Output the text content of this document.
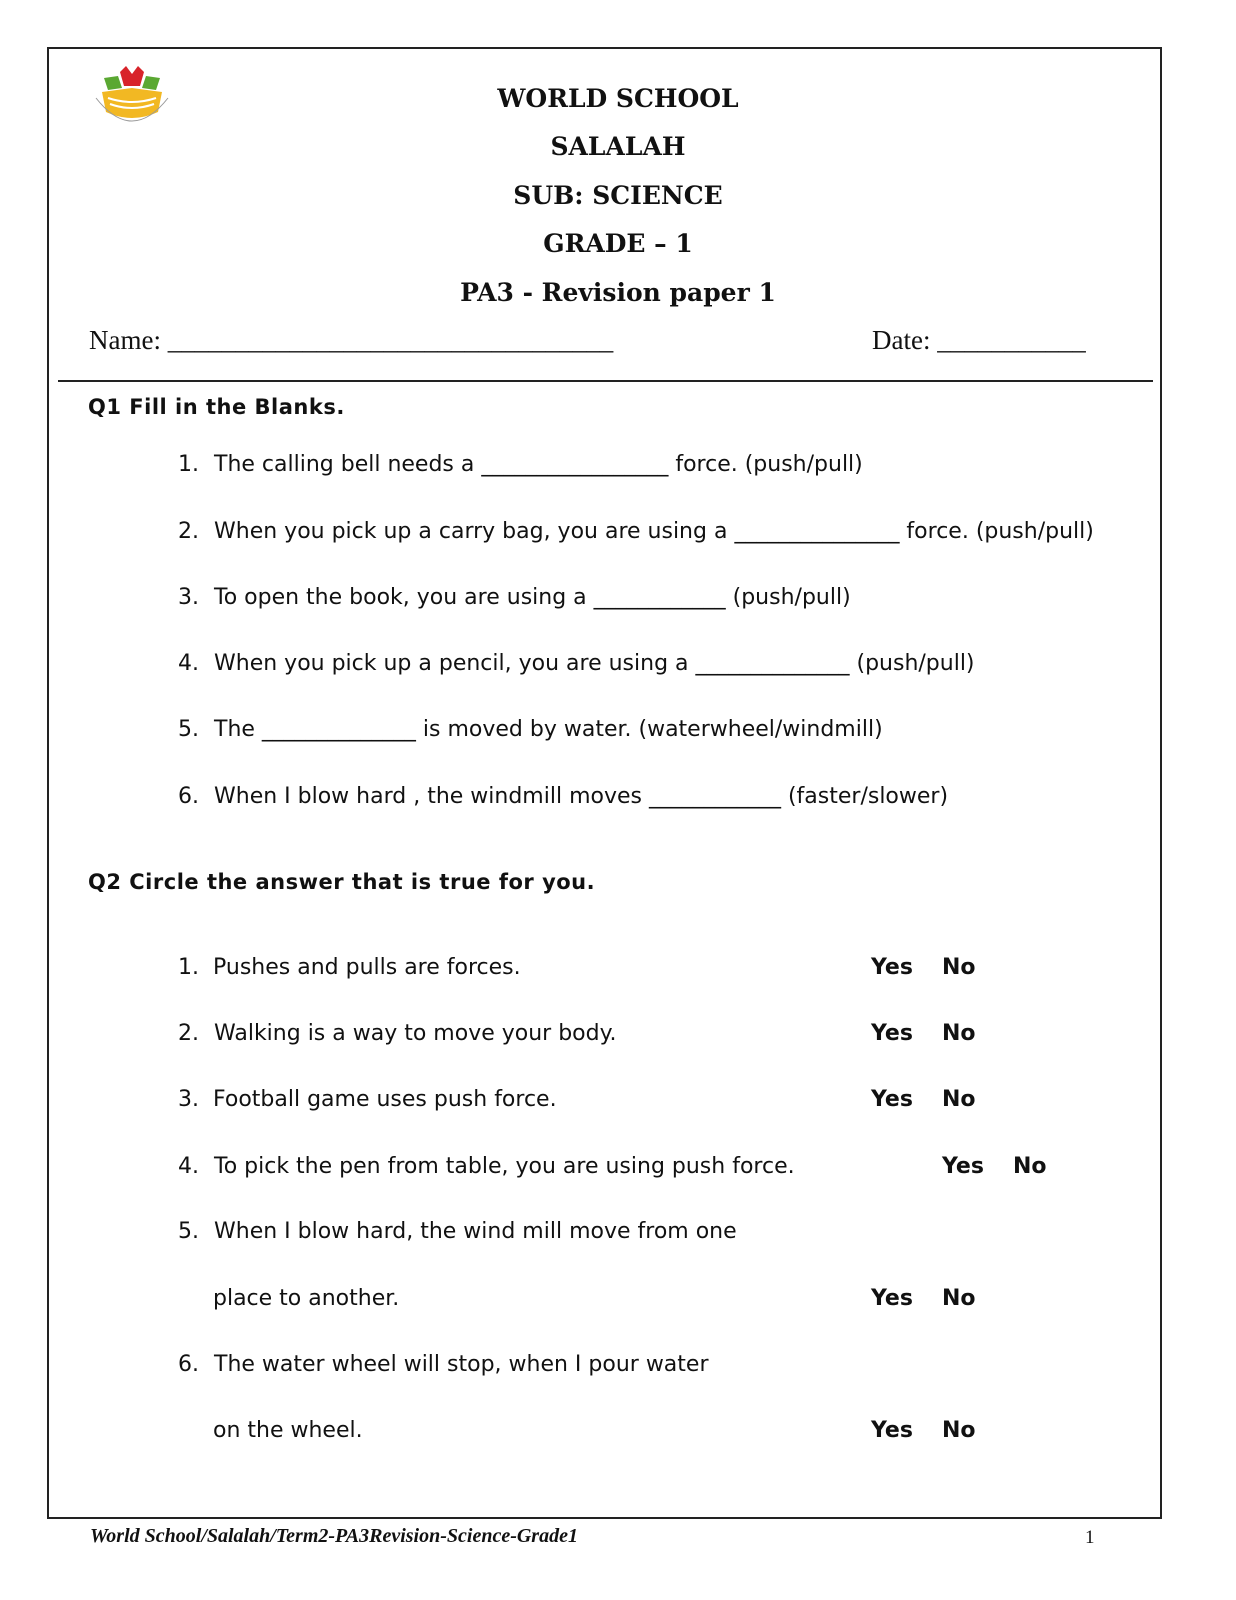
WORLD SCHOOL
SALALAH
SUB: SCIENCE
GRADE – 1
PA3 - Revision paper 1
Name: _________________________________	Date: ___________
Q1 Fill in the Blanks.
1. The calling bell needs a _________________ force. (push/pull)
2. When you pick up a carry bag, you are using a _______________ force. (push/pull)
3. To open the book, you are using a ____________ (push/pull)
4. When you pick up a pencil, you are using a ______________ (push/pull)
5. The ______________ is moved by water. (waterwheel/windmill)
6. When I blow hard , the windmill moves ____________ (faster/slower)
Q2 Circle the answer that is true for you.
1. Pushes and pulls are forces.	Yes No
2. Walking is a way to move your body.	Yes No
3. Football game uses push force.	Yes No
4. To pick the pen from table, you are using push force.	Yes No
5. When I blow hard, the wind mill move from one
place to another.	Yes No
6. The water wheel will stop, when I pour water
on the wheel.	Yes No
World School/Salalah/Term2-PA3Revision-Science-Grade1	1
